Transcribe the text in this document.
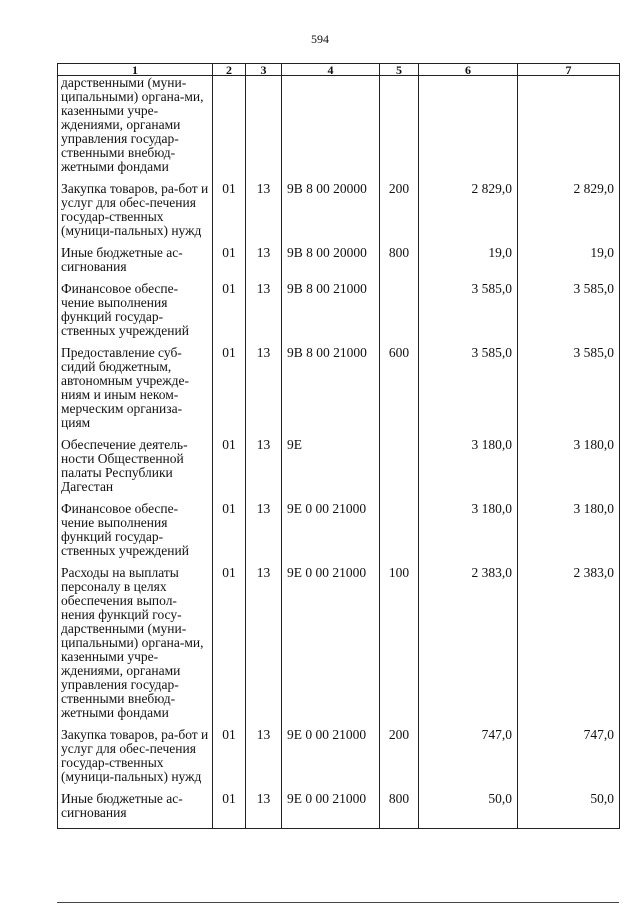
594
1	2	3	4	5	6	7
дарственными (муни-ципальными) органа-ми, казенными учре-ждениями, органами управления государ-ственными внебюд-жетными фондами						
Закупка товаров, ра-бот и услуг для обес-печения государ-ственных (муници-пальных) нужд	01	13	9В 8 00 20000	200	2 829,0	2 829,0
Иные бюджетные ас-сигнования	01	13	9В 8 00 20000	800	19,0	19,0
Финансовое обеспе-чение выполнения функций государ-ственных учреждений	01	13	9В 8 00 21000		3 585,0	3 585,0
Предоставление суб-сидий бюджетным, автономным учрежде-ниям и иным неком-мерческим организа-циям	01	13	9В 8 00 21000	600	3 585,0	3 585,0
Обеспечение деятель-ности Общественной палаты Республики Дагестан	01	13	9Е		3 180,0	3 180,0
Финансовое обеспе-чение выполнения функций государ-ственных учреждений	01	13	9Е 0 00 21000		3 180,0	3 180,0
Расходы на выплаты персоналу в целях обеспечения выпол-нения функций госу-дарственными (муни-ципальными) органа-ми, казенными учре-ждениями, органами управления государ-ственными внебюд-жетными фондами	01	13	9Е 0 00 21000	100	2 383,0	2 383,0
Закупка товаров, ра-бот и услуг для обес-печения государ-ственных (муници-пальных) нужд	01	13	9Е 0 00 21000	200	747,0	747,0
Иные бюджетные ас-сигнования	01	13	9Е 0 00 21000	800	50,0	50,0
